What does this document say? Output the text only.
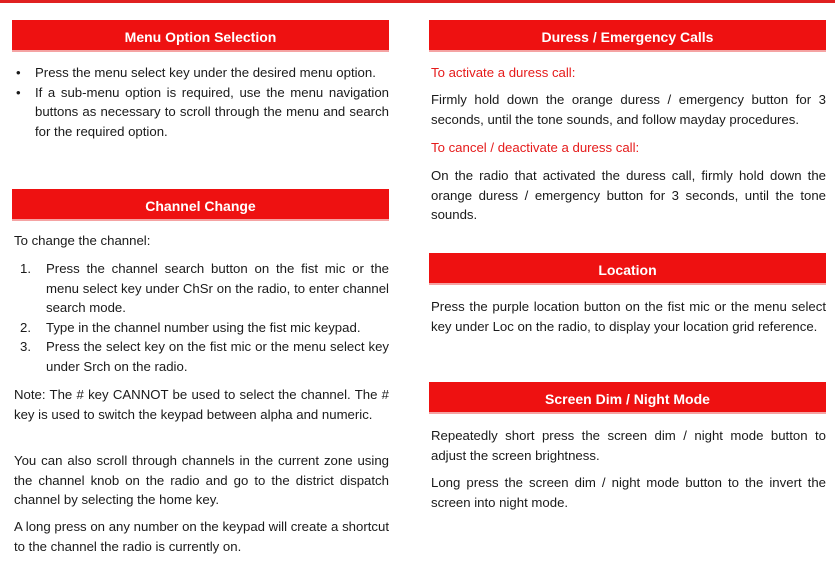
Menu Option Selection
• Press the menu select key under the desired menu option.
• If a sub-menu option is required, use the menu navigation buttons as necessary to scroll through the menu and search for the required option.
Channel Change
To change the channel:
1. Press the channel search button on the fist mic or the menu select key under ChSr on the radio, to enter channel search mode.
2. Type in the channel number using the fist mic keypad.
3. Press the select key on the fist mic or the menu select key under Srch on the radio.
Note: The # key CANNOT be used to select the channel. The # key is used to switch the keypad between alpha and numeric.
You can also scroll through channels in the current zone using the channel knob on the radio and go to the district dispatch channel by selecting the home key.
A long press on any number on the keypad will create a shortcut to the channel the radio is currently on.
Duress / Emergency Calls
To activate a duress call:
Firmly hold down the orange duress / emergency button for 3 seconds, until the tone sounds, and follow mayday procedures.
To cancel / deactivate a duress call:
On the radio that activated the duress call, firmly hold down the orange duress / emergency button for 3 seconds, until the tone sounds.
Location
Press the purple location button on the fist mic or the menu select key under Loc on the radio, to display your location grid reference.
Screen Dim / Night Mode
Repeatedly short press the screen dim / night mode button to adjust the screen brightness.
Long press the screen dim / night mode button to the invert the screen into night mode.
